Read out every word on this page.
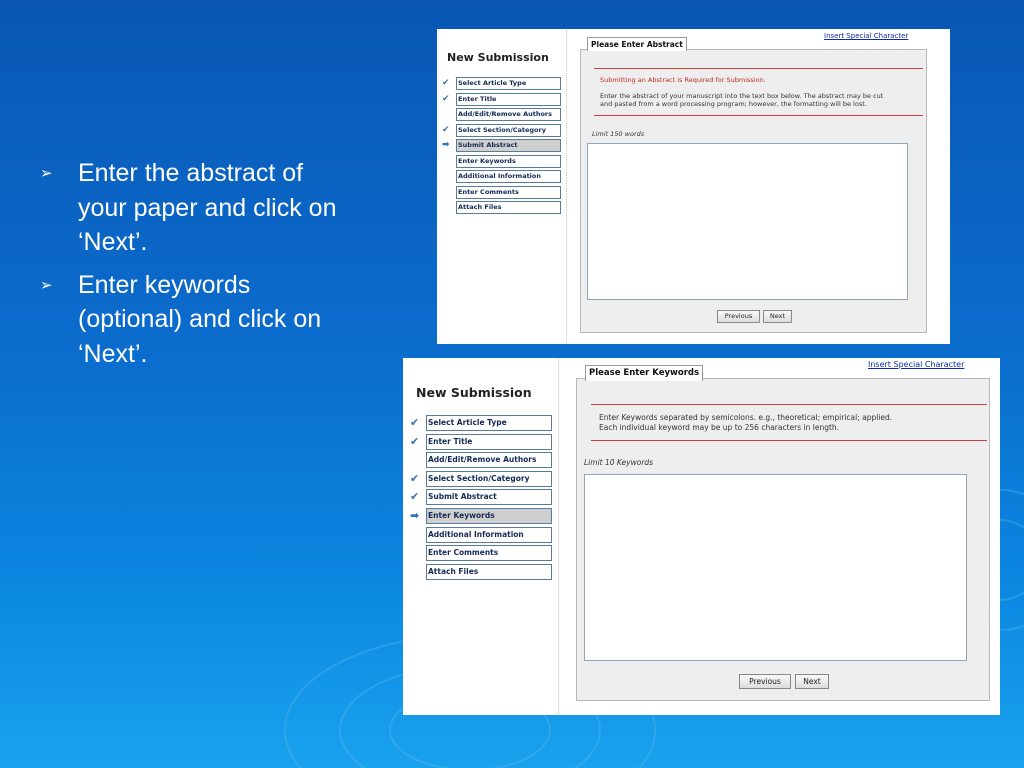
➢	Enter the abstract of your paper and click on ‘Next’.
➢	Enter keywords (optional) and click on ‘Next’.
New Submission
✔ Select Article Type
✔ Enter Title
Add/Edit/Remove Authors
✔ Select Section/Category
➡ Submit Abstract
Enter Keywords
Additional Information
Enter Comments
Attach Files
Please Enter Abstract
Insert Special Character
Submitting an Abstract is Required for Submission.
Enter the abstract of your manuscript into the text box below. The abstract may be cut
and pasted from a word processing program; however, the formatting will be lost.
Limit 150 words
Previous	Next
New Submission
✔ Select Article Type
✔ Enter Title
Add/Edit/Remove Authors
✔ Select Section/Category
✔ Submit Abstract
➡ Enter Keywords
Additional Information
Enter Comments
Attach Files
Please Enter Keywords
Insert Special Character
Enter Keywords separated by semicolons. e.g., theoretical; empirical; applied.
Each individual keyword may be up to 256 characters in length.
Limit 10 Keywords
Previous	Next
